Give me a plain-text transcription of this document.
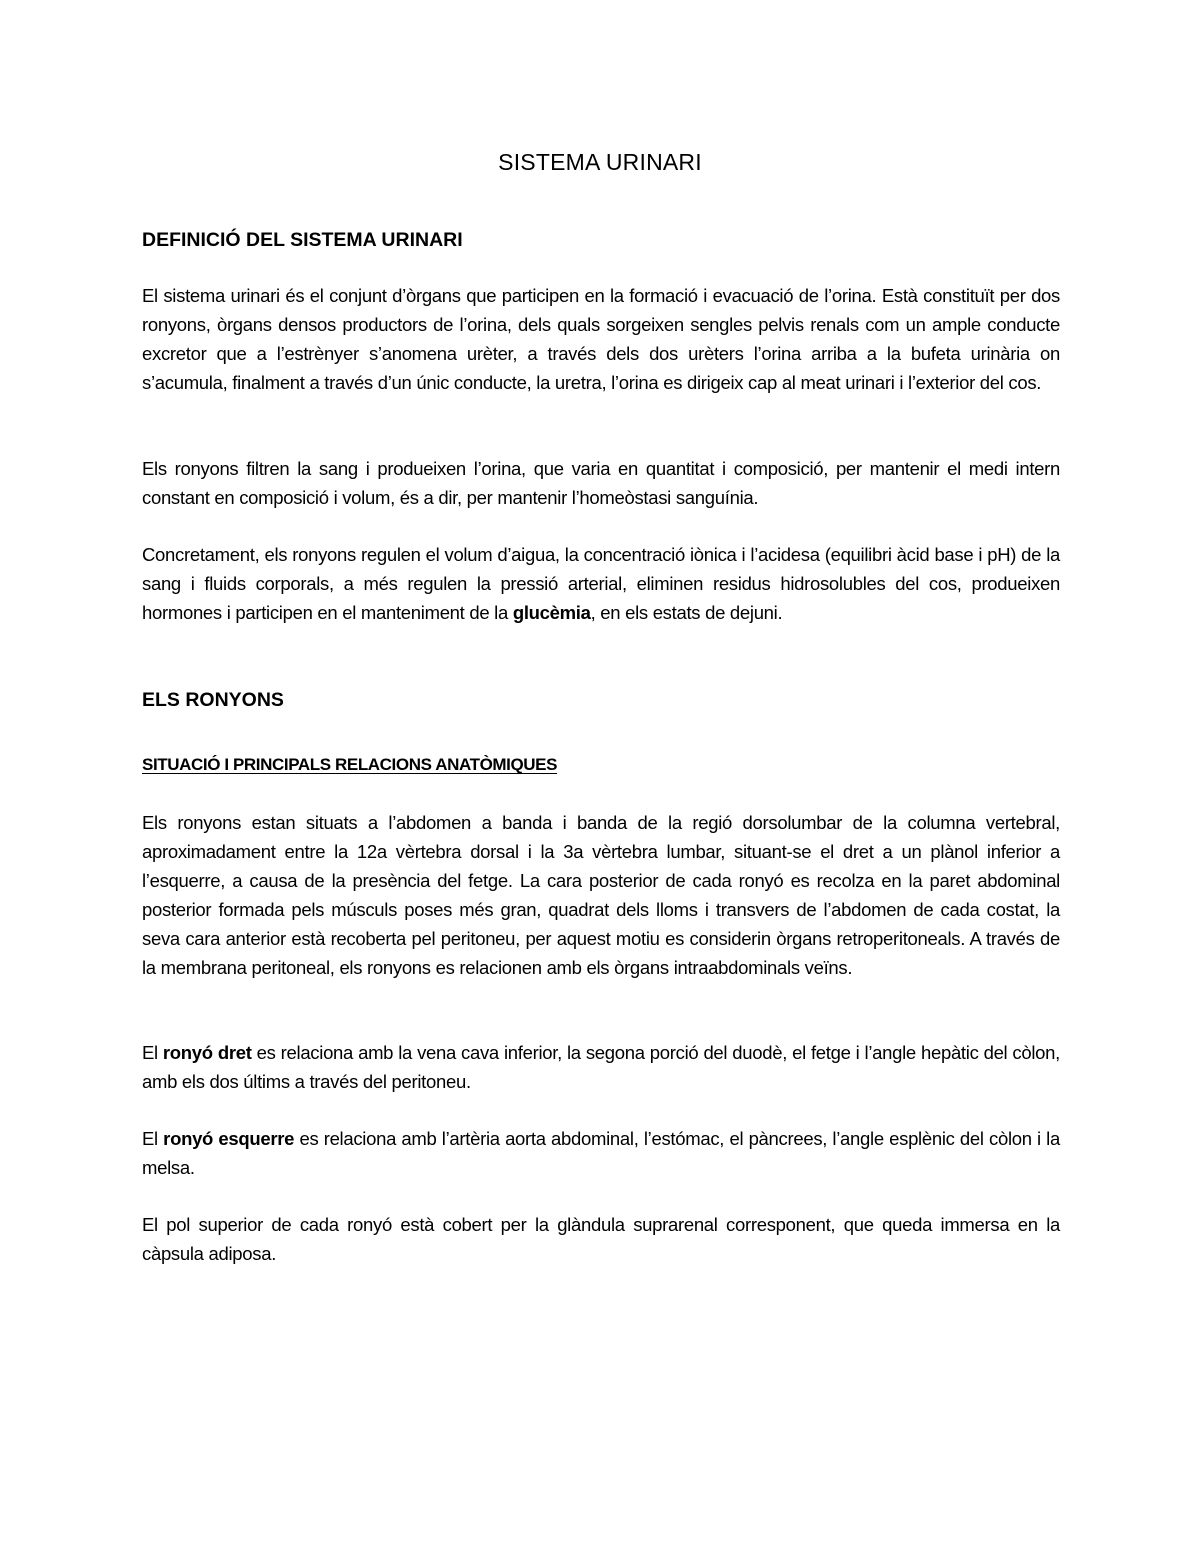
SISTEMA URINARI
DEFINICIÓ DEL SISTEMA URINARI
El sistema urinari és el conjunt d’òrgans que participen en la formació i evacuació de l’orina. Està constituït per dos ronyons, òrgans densos productors de l’orina, dels quals sorgeixen sengles pelvis renals com un ample conducte excretor que a l’estrènyer s’anomena urèter, a través dels dos urèters l’orina arriba a la bufeta urinària on s’acumula, finalment a través d’un únic conducte, la uretra, l’orina es dirigeix cap al meat urinari i l’exterior del cos.
Els ronyons filtren la sang i produeixen l’orina, que varia en quantitat i composició, per mantenir el medi intern constant en composició i volum, és a dir, per mantenir l’homeòstasi sanguínia.
Concretament, els ronyons regulen el volum d’aigua, la concentració iònica i l’acidesa (equilibri àcid base i pH) de la sang i fluids corporals, a més regulen la pressió arterial, eliminen residus hidrosolubles del cos, produeixen hormones i participen en el manteniment de la glucèmia, en els estats de dejuni.
ELS RONYONS
SITUACIÓ I PRINCIPALS RELACIONS ANATÒMIQUES
Els ronyons estan situats a l’abdomen a banda i banda de la regió dorsolumbar de la columna vertebral, aproximadament entre la 12a vèrtebra dorsal i la 3a vèrtebra lumbar, situant-se el dret a un plànol inferior a l’esquerre, a causa de la presència del fetge. La cara posterior de cada ronyó es recolza en la paret abdominal posterior formada pels músculs poses més gran, quadrat dels lloms i transvers de l’abdomen de cada costat, la seva cara anterior està recoberta pel peritoneu, per aquest motiu es considerin òrgans retroperitoneals. A través de la membrana peritoneal, els ronyons es relacionen amb els òrgans intraabdominals veïns.
El ronyó dret es relaciona amb la vena cava inferior, la segona porció del duodè, el fetge i l’angle hepàtic del còlon, amb els dos últims a través del peritoneu.
El ronyó esquerre es relaciona amb l’artèria aorta abdominal, l’estómac, el pàncrees, l’angle esplènic del còlon i la melsa.
El pol superior de cada ronyó està cobert per la glàndula suprarenal corresponent, que queda immersa en la càpsula adiposa.
